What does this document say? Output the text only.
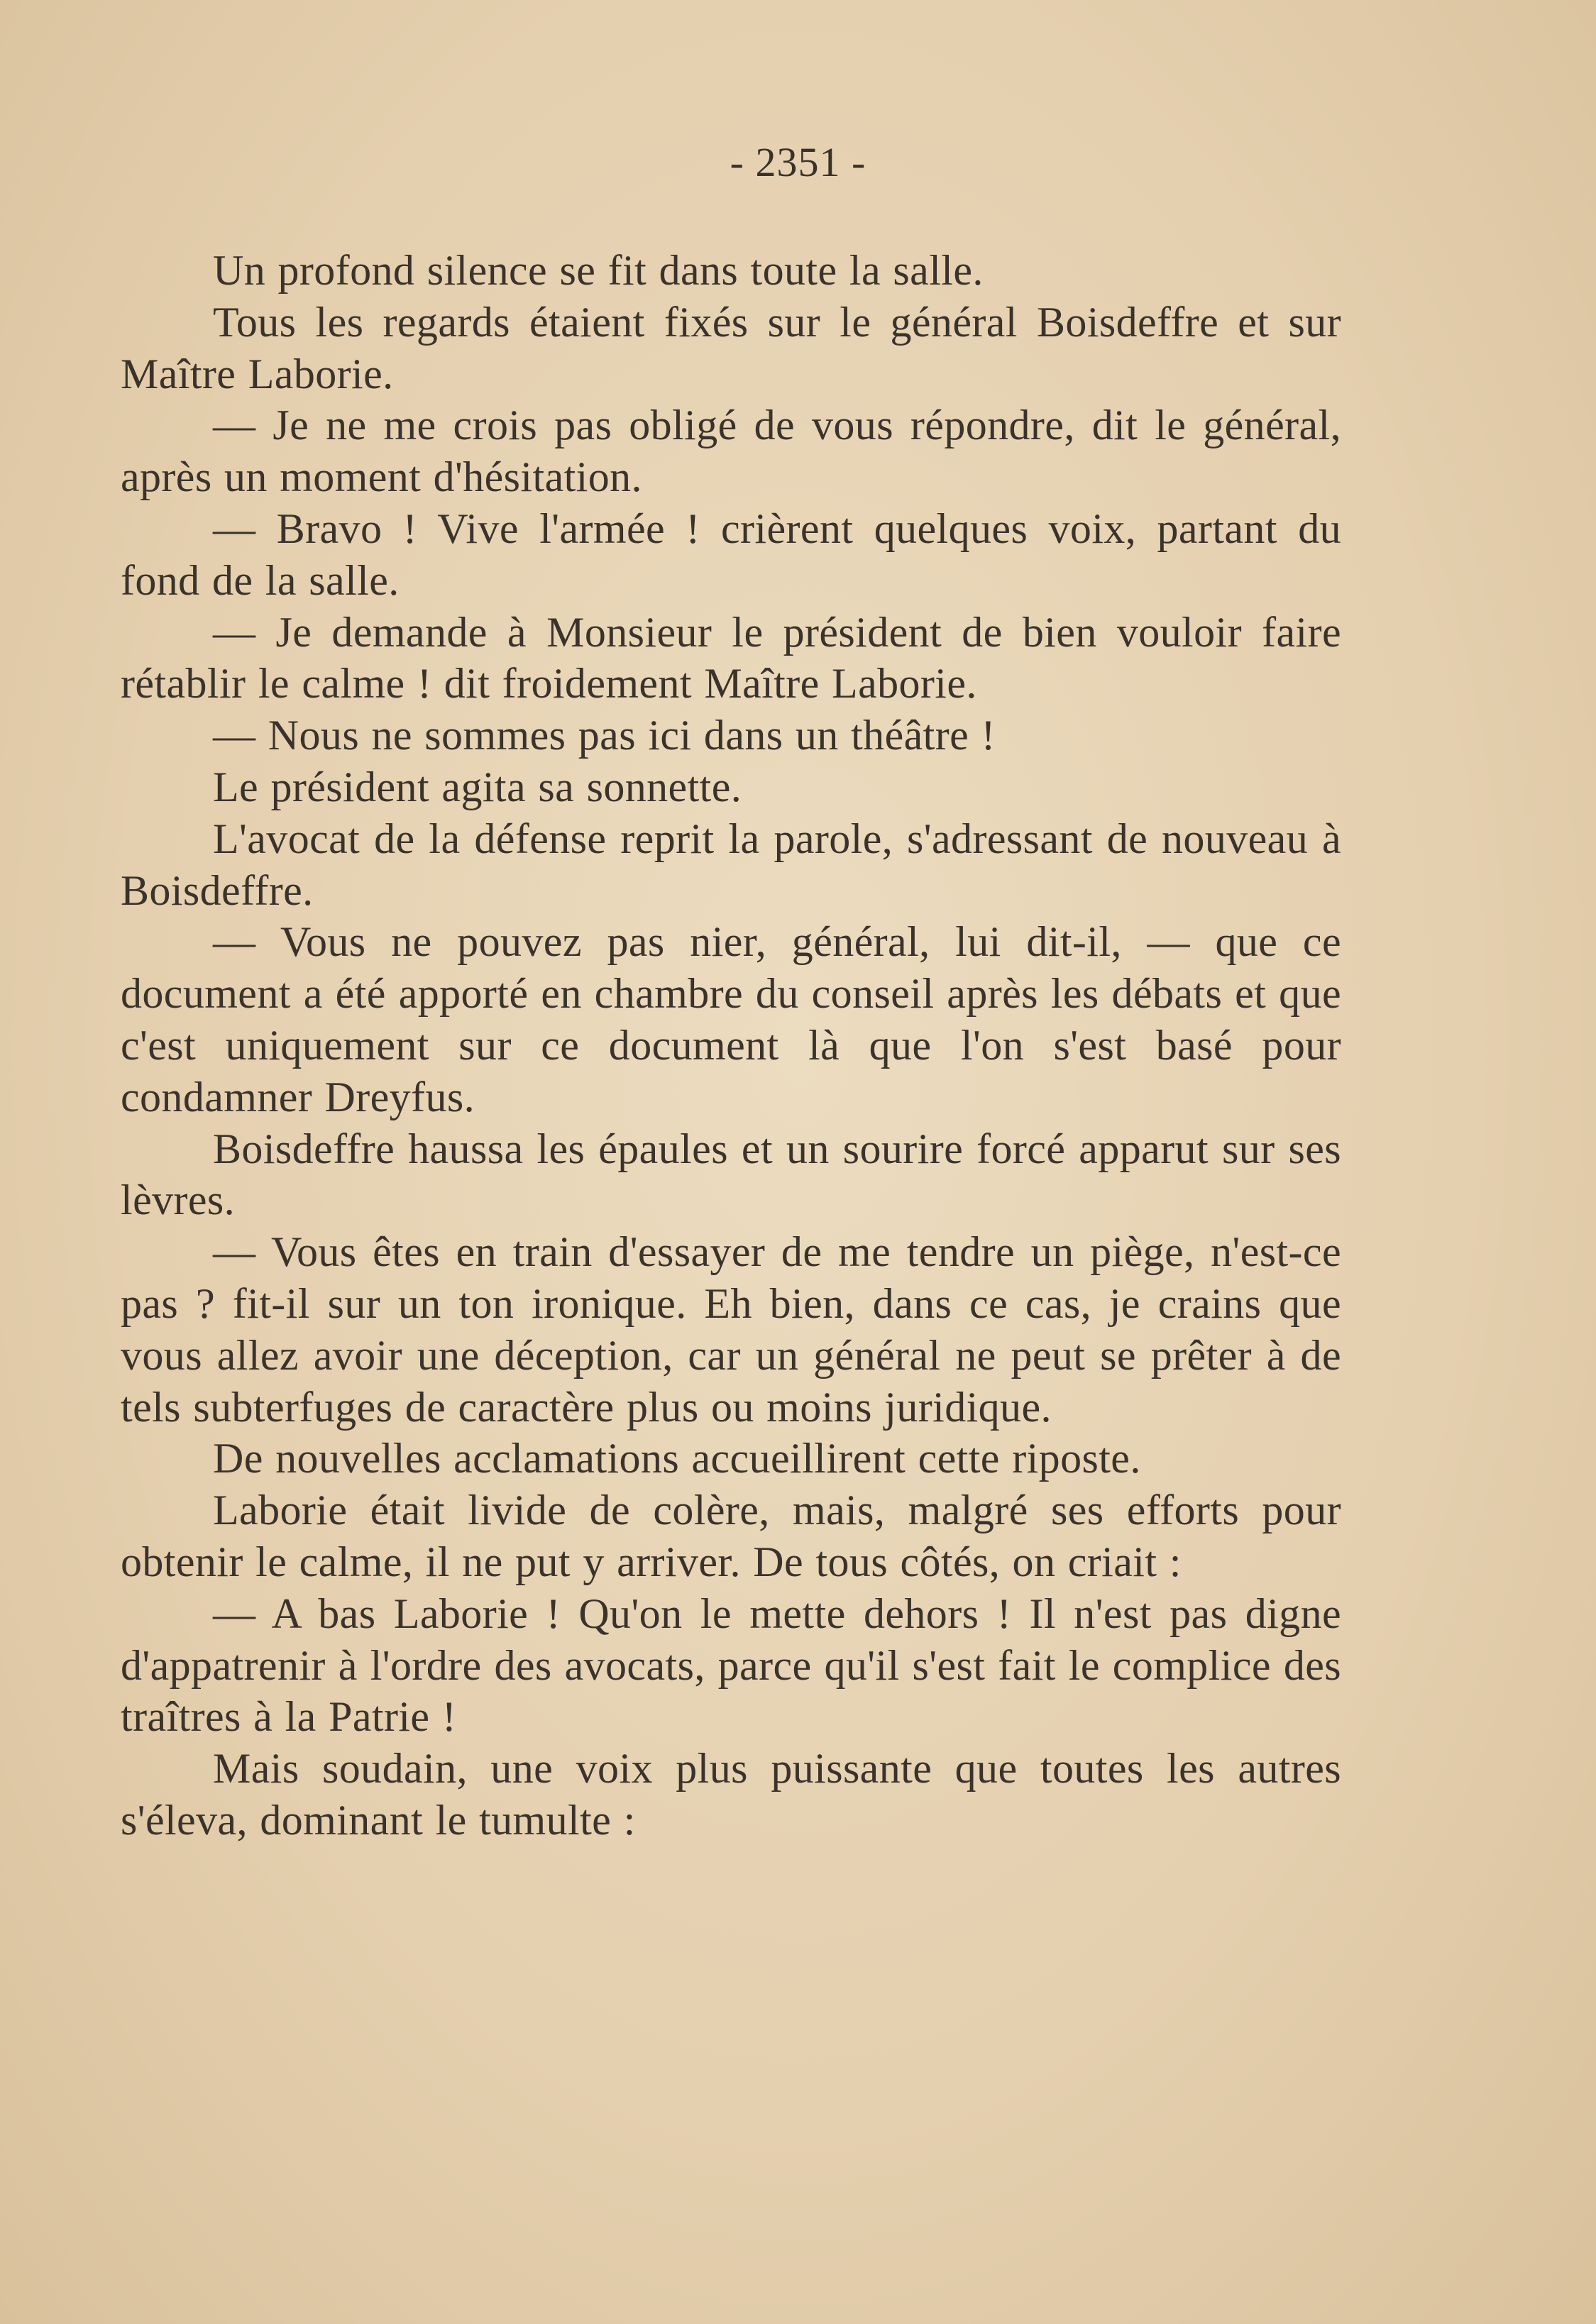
- 2351 -

Un profond silence se fit dans toute la salle.

Tous les regards étaient fixés sur le général Boisdeffre et sur Maître Laborie.

— Je ne me crois pas obligé de vous répondre, dit le général, après un moment d'hésitation.

— Bravo ! Vive l'armée ! crièrent quelques voix, partant du fond de la salle.

— Je demande à Monsieur le président de bien vouloir faire rétablir le calme ! dit froidement Maître Laborie.

— Nous ne sommes pas ici dans un théâtre !

Le président agita sa sonnette.

L'avocat de la défense reprit la parole, s'adressant de nouveau à Boisdeffre.

— Vous ne pouvez pas nier, général, lui dit-il, — que ce document a été apporté en chambre du conseil après les débats et que c'est uniquement sur ce document là que l'on s'est basé pour condamner Dreyfus.

Boisdeffre haussa les épaules et un sourire forcé apparut sur ses lèvres.

— Vous êtes en train d'essayer de me tendre un piège, n'est-ce pas ? fit-il sur un ton ironique. Eh bien, dans ce cas, je crains que vous allez avoir une déception, car un général ne peut se prêter à de tels subterfuges de caractère plus ou moins juridique.

De nouvelles acclamations accueillirent cette riposte.

Laborie était livide de colère, mais, malgré ses efforts pour obtenir le calme, il ne put y arriver. De tous côtés, on criait :

— A bas Laborie ! Qu'on le mette dehors ! Il n'est pas digne d'appatrenir à l'ordre des avocats, parce qu'il s'est fait le complice des traîtres à la Patrie !

Mais soudain, une voix plus puissante que toutes les autres s'éleva, dominant le tumulte :
